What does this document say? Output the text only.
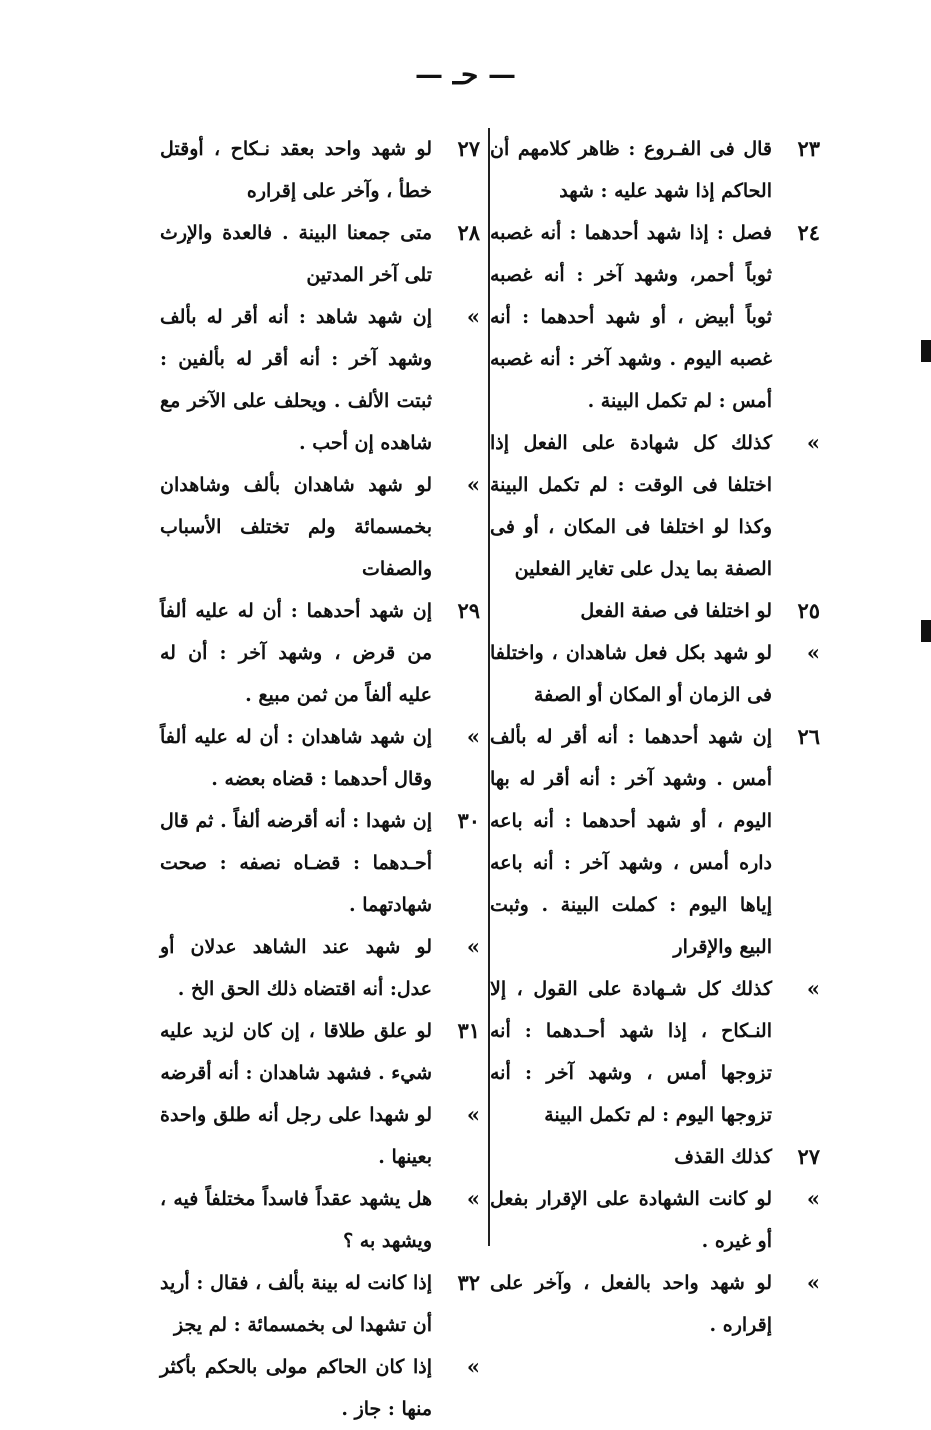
— حـ —
٢٣
قال فى الفـروع : ظاهر كلامهم أن الحاكم إذا شهد عليه : شهد
٢٤
فصل : إذا شهد أحدهما : أنه غصبه ثوباً أحمر، وشهد آخر : أنه غصبه ثوباً أبيض ، أو شهد أحدهما : أنه غصبه اليوم . وشهد آخر : أنه غصبه أمس : لم تكمل البينة .
»
كذلك كل شهادة على الفعل إذا اختلفا فى الوقت : لم تكمل البينة وكذا لو اختلفا فى المكان ، أو فى الصفة بما يدل على تغاير الفعلين
٢٥
لو اختلفا فى صفة الفعل
»
لو شهد بكل فعل شاهدان ، واختلفا فى الزمان أو المكان أو الصفة
٢٦
إن شهد أحدهما : أنه أقر له بألف أمس . وشهد آخر : أنه أقر له بها اليوم ، أو شهد أحدهما : أنه باعه داره أمس ، وشهد آخر : أنه باعه إياها اليوم : كملت البينة . وثبت البيع والإقرار
»
كذلك كل شـهادة على القول ، إلا النـكاح ، إذا شهد أحـدهما : أنه تزوجها أمس ، وشهد آخر : أنه تزوجها اليوم : لم تكمل البينة
٢٧
كذلك القذف
»
لو كانت الشهادة على الإقرار بفعل أو غيره .
»
لو شهد واحد بالفعل ، وآخر على إقراره .
٢٧
لو شهد واحد بعقد نـكاح ، أوقتل خطأ ، وآخر على إقراره
٢٨
متى جمعنا البينة . فالعدة والإرث تلى آخر المدتين
»
إن شهد شاهد : أنه أقر له بألف وشهد آخر : أنه أقر له بألفين : ثبتت الألف . ويحلف على الآخر مع شاهده إن أحب .
»
لو شهد شاهدان بألف وشاهدان بخمسمائة ولم تختلف الأسباب والصفات
٢٩
إن شهد أحدهما : أن له عليه ألفاً من قرض ، وشهد آخر : أن له عليه ألفاً من ثمن مبيع .
»
إن شهد شاهدان : أن له عليه ألفاً وقال أحدهما : قضاه بعضه .
٣٠
إن شهدا : أنه أقرضه ألفاً . ثم قال أحـدهما : قضـاه نصفه : صحت شهادتهما .
»
لو شهد عند الشاهد عدلان أو عدل: أنه اقتضاه ذلك الحق الخ .
٣١
لو علق طلاقا ، إن كان لزيد عليه شيء . فشهد شاهدان : أنه أقرضه
»
لو شهدا على رجل أنه طلق واحدة بعينها .
»
هل يشهد عقداً فاسداً مختلفاً فيه ، ويشهد به ؟
٣٢
إذا كانت له بينة بألف ، فقال : أريد أن تشهدا لى بخمسمائة : لم يجز
»
إذا كان الحاكم مولى بالحكم بأكثر منها : جاز .
